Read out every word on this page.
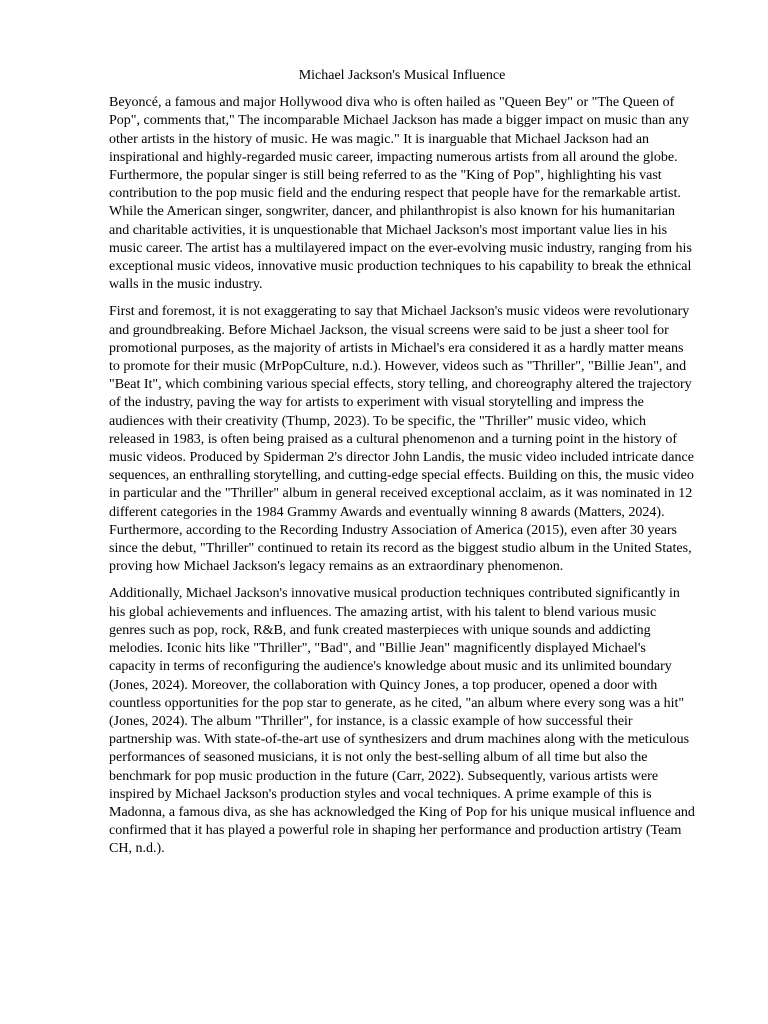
Michael Jackson's Musical Influence

Beyoncé, a famous and major Hollywood diva who is often hailed as "Queen Bey" or "The Queen of Pop", comments that," The incomparable Michael Jackson has made a bigger impact on music than any other artists in the history of music. He was magic." It is inarguable that Michael Jackson had an inspirational and highly-regarded music career, impacting numerous artists from all around the globe. Furthermore, the popular singer is still being referred to as the "King of Pop", highlighting his vast contribution to the pop music field and the enduring respect that people have for the remarkable artist. While the American singer, songwriter, dancer, and philanthropist is also known for his humanitarian and charitable activities, it is unquestionable that Michael Jackson's most important value lies in his music career. The artist has a multilayered impact on the ever-evolving music industry, ranging from his exceptional music videos, innovative music production techniques to his capability to break the ethnical walls in the music industry.

First and foremost, it is not exaggerating to say that Michael Jackson's music videos were revolutionary and groundbreaking. Before Michael Jackson, the visual screens were said to be just a sheer tool for promotional purposes, as the majority of artists in Michael's era considered it as a hardly matter means to promote for their music (MrPopCulture, n.d.). However, videos such as "Thriller", "Billie Jean", and "Beat It", which combining various special effects, story telling, and choreography altered the trajectory of the industry, paving the way for artists to experiment with visual storytelling and impress the audiences with their creativity (Thump, 2023). To be specific, the "Thriller" music video, which released in 1983, is often being praised as a cultural phenomenon and a turning point in the history of music videos. Produced by Spiderman 2's director John Landis, the music video included intricate dance sequences, an enthralling storytelling, and cutting-edge special effects. Building on this, the music video in particular and the "Thriller" album in general received exceptional acclaim, as it was nominated in 12 different categories in the 1984 Grammy Awards and eventually winning 8 awards (Matters, 2024). Furthermore, according to the Recording Industry Association of America (2015), even after 30 years since the debut, "Thriller" continued to retain its record as the biggest studio album in the United States, proving how Michael Jackson's legacy remains as an extraordinary phenomenon.

Additionally, Michael Jackson's innovative musical production techniques contributed significantly in his global achievements and influences. The amazing artist, with his talent to blend various music genres such as pop, rock, R&B, and funk created masterpieces with unique sounds and addicting melodies. Iconic hits like "Thriller", "Bad", and "Billie Jean" magnificently displayed Michael's capacity in terms of reconfiguring the audience's knowledge about music and its unlimited boundary (Jones, 2024). Moreover, the collaboration with Quincy Jones, a top producer, opened a door with countless opportunities for the pop star to generate, as he cited, "an album where every song was a hit" (Jones, 2024). The album "Thriller", for instance, is a classic example of how successful their partnership was. With state-of-the-art use of synthesizers and drum machines along with the meticulous performances of seasoned musicians, it is not only the best-selling album of all time but also the benchmark for pop music production in the future (Carr, 2022). Subsequently, various artists were inspired by Michael Jackson's production styles and vocal techniques. A prime example of this is Madonna, a famous diva, as she has acknowledged the King of Pop for his unique musical influence and confirmed that it has played a powerful role in shaping her performance and production artistry (Team CH, n.d.).
